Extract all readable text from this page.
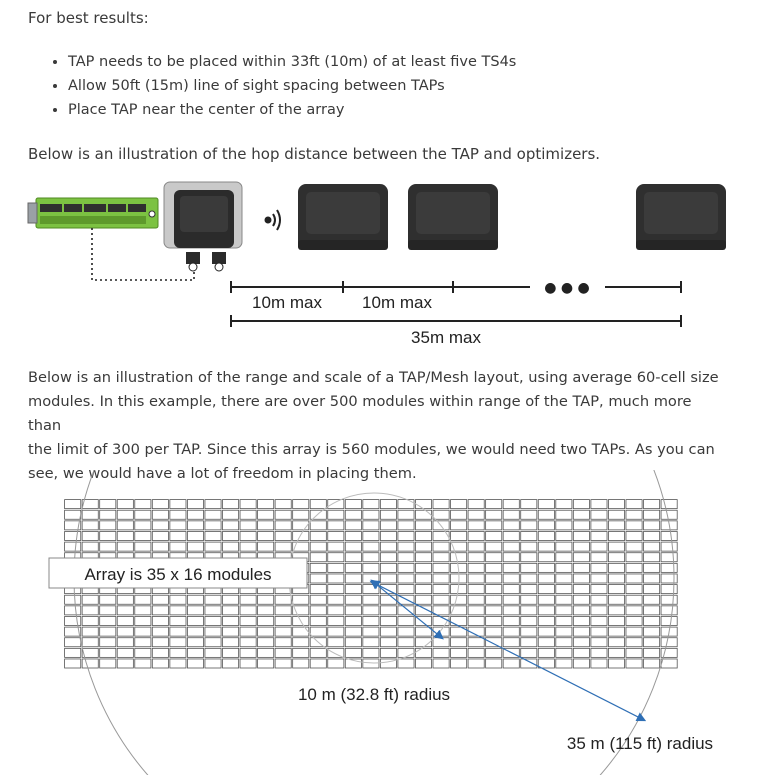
For best results:

• TAP needs to be placed within 33ft (10m) of at least five TS4s
• Allow 50ft (15m) line of sight spacing between TAPs
• Place TAP near the center of the array

Below is an illustration of the hop distance between the TAP and optimizers.

● ● ●
10m max 10m max
35m max

Below is an illustration of the range and scale of a TAP/Mesh layout, using average 60-cell size
modules. In this example, there are over 500 modules within range of the TAP, much more than
the limit of 300 per TAP. Since this array is 560 modules, we would need two TAPs. As you can
see, we would have a lot of freedom in placing them.

Array is 35 x 16 modules
10 m (32.8 ft) radius
35 m (115 ft) radius
